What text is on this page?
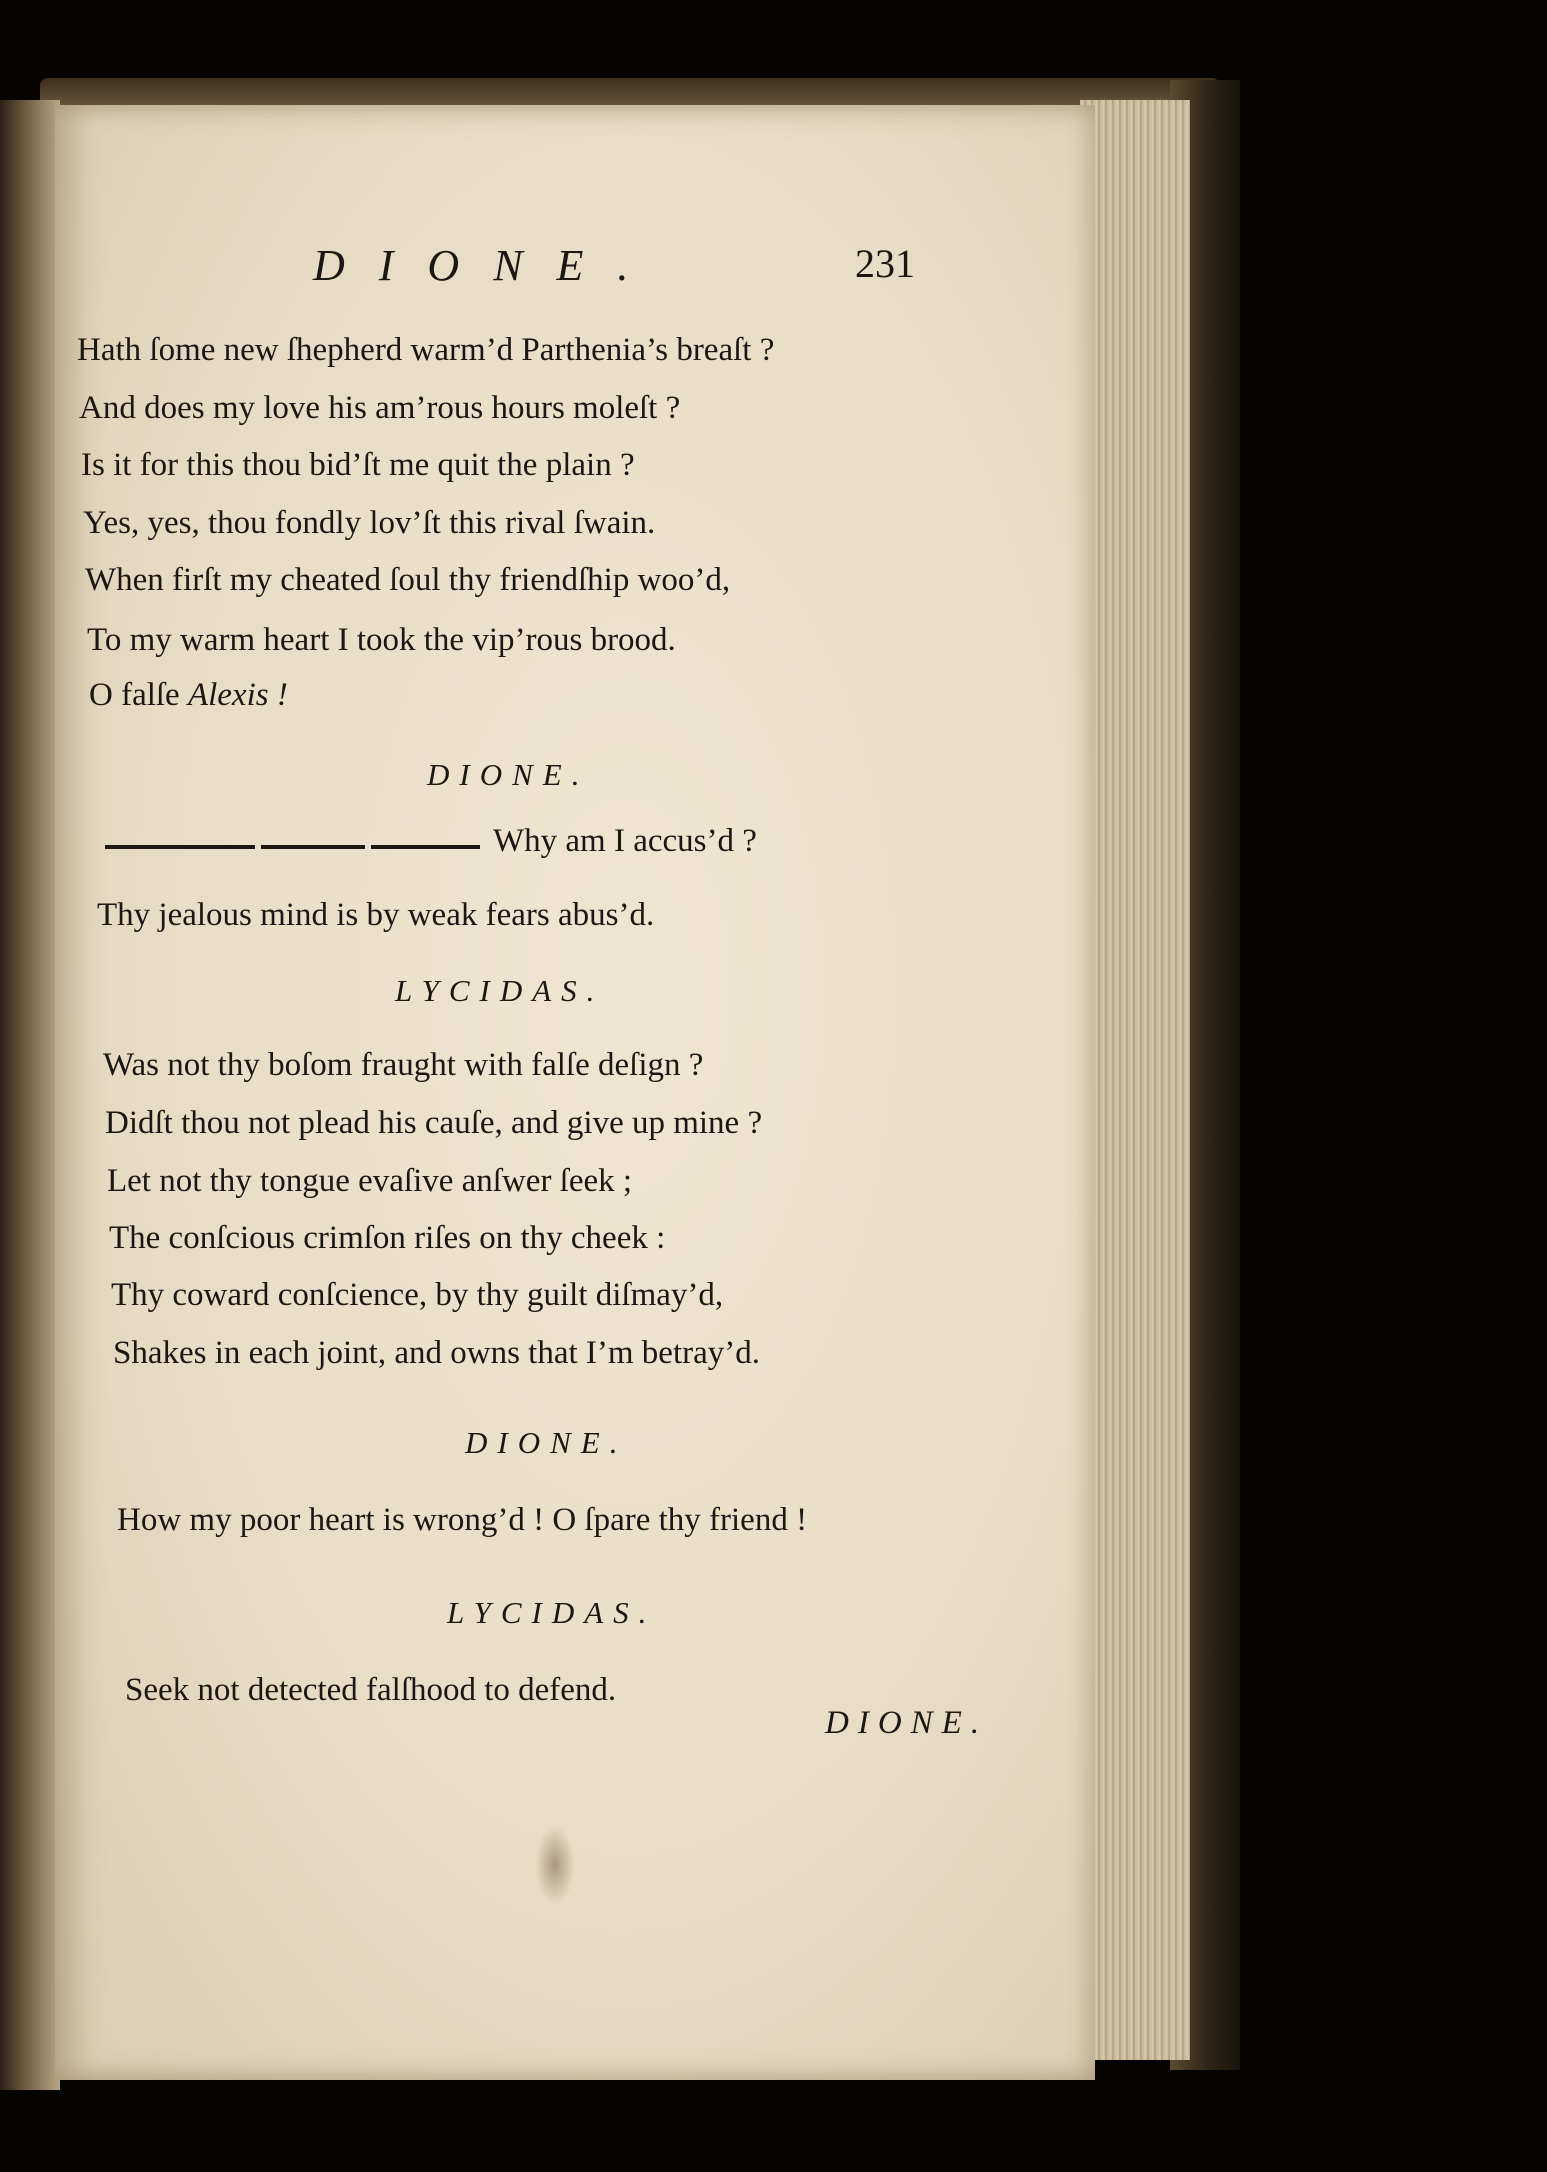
DIONE.	231
Hath ſome new ſhepherd warm’d Parthenia’s breaſt ?
And does my love his am’rous hours moleſt ?
Is it for this thou bid’ſt me quit the plain ?
Yes, yes, thou fondly lov’ſt this rival ſwain.
When firſt my cheated ſoul thy friendſhip woo’d,
To my warm heart I took the vip’rous brood.
O falſe Alexis !
DIONE.
Why am I accus’d ?
Thy jealous mind is by weak fears abus’d.
LYCIDAS.
Was not thy boſom fraught with falſe deſign ?
Didſt thou not plead his cauſe, and give up mine ?
Let not thy tongue evaſive anſwer ſeek ;
The conſcious crimſon riſes on thy cheek :
Thy coward conſcience, by thy guilt diſmay’d,
Shakes in each joint, and owns that I’m betray’d.
DIONE.
How my poor heart is wrong’d ! O ſpare thy friend !
LYCIDAS.
Seek not detected falſhood to defend.
DIONE.
